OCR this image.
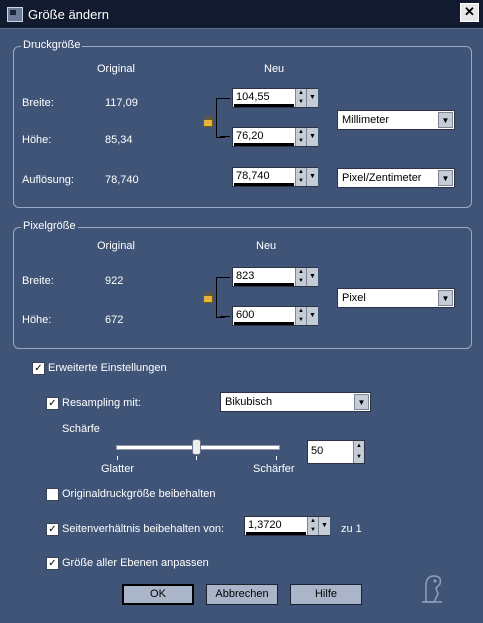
Größe ändern	✕
Druckgröße
Original	Neu
Breite:	117,09
104,55
▲
▼
▼
Höhe:	85,34
76,20
▲
▼
▼
Millimeter	▼
Auflösung:	78,740
78,740
▲
▼
▼ Pixel/Zentimeter	▼
Pixelgröße
Original	Neu
Breite:	922
823
▲
▼
▼
Höhe:	672
600
▲
▼
▼
Pixel	▼
✓ Erweiterte Einstellungen
✓ Resampling mit:	Bikubisch	▼
Schärfe
Glatter	Schärfer
50
▲
▼
Originaldruckgröße beibehalten
✓ Seitenverhältnis beibehalten von:
1,3720
▲
▼
▼ zu 1
✓ Größe aller Ebenen anpassen
OK	Abbrechen	Hilfe
